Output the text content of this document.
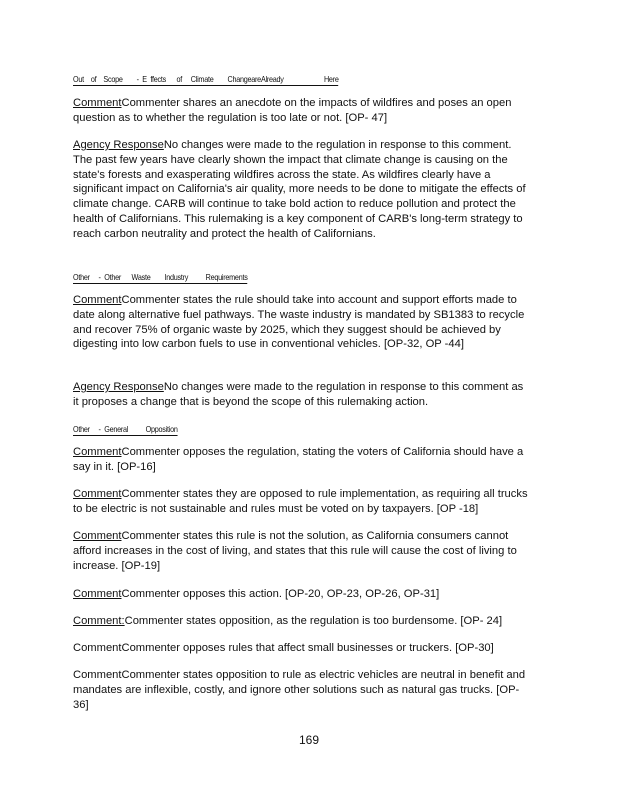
Out    of    Scope        -  E  ffects      of     Climate        ChangeareAlready                       Here

CommentCommenter shares an anecdote on the impacts of wildfires and poses an open question as to whether the regulation is too late or not. [OP- 47]

Agency ResponseNo changes were made to the regulation in response to this comment. The past few years have clearly shown the impact that climate change is causing on the state's forests and exasperating wildfires across the state. As wildfires clearly have a significant impact on California's air quality, more needs to be done to mitigate the effects of climate change. CARB will continue to take bold action to reduce pollution and protect the health of Californians. This rulemaking is a key component of CARB's long-term strategy to reach carbon neutrality and protect the health of Californians.

Other     -  Other      Waste        Industry          Requirements

CommentCommenter states the rule should take into account and support efforts made to date along alternative fuel pathways. The waste industry is mandated by SB1383 to recycle and recover 75% of organic waste by 2025, which they suggest should be achieved by digesting into low carbon fuels to use in conventional vehicles. [OP-32, OP -44]

Agency ResponseNo changes were made to the regulation in response to this comment as it proposes a change that is beyond the scope of this rulemaking action.

Other     -  General          Opposition

CommentCommenter opposes the regulation, stating the voters of California should have a say in it. [OP-16]

CommentCommenter states they are opposed to rule implementation, as requiring all trucks to be electric is not sustainable and rules must be voted on by taxpayers. [OP -18]

CommentCommenter states this rule is not the solution, as California consumers cannot afford increases in the cost of living, and states that this rule will cause the cost of living to increase. [OP-19]

CommentCommenter opposes this action. [OP-20, OP-23, OP-26, OP-31]

Comment:Commenter states opposition, as the regulation is too burdensome. [OP- 24]

CommentCommenter opposes rules that affect small businesses or truckers. [OP-30]

CommentCommenter states opposition to rule as electric vehicles are neutral in benefit and mandates are inflexible, costly, and ignore other solutions such as natural gas trucks. [OP-36]

169
